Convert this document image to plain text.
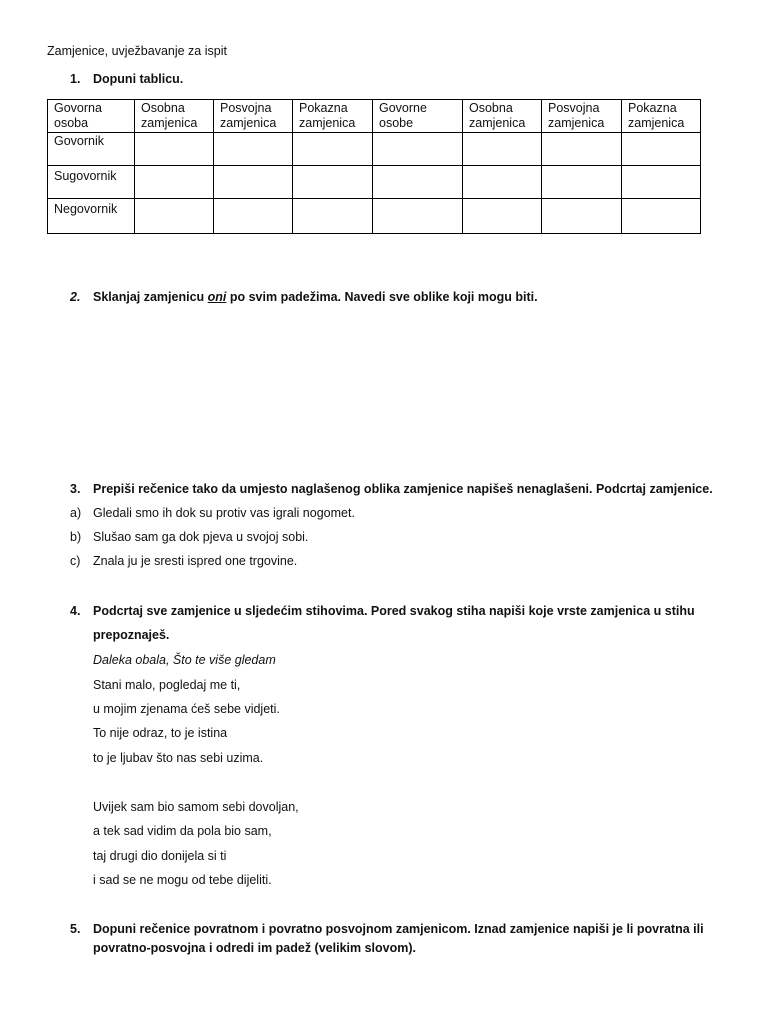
Zamjenice, uvježbavanje za ispit
1.	Dopuni tablicu.
Govorna osoba	Osobna zamjenica	Posvojna zamjenica	Pokazna zamjenica	Govorne osobe	Osobna zamjenica	Posvojna zamjenica	Pokazna zamjenica
Govornik							
Sugovornik							
Negovornik							
2.	Sklanjaj zamjenicu oni po svim padežima. Navedi sve oblike koji mogu biti.
3.	Prepiši rečenice tako da umjesto naglašenog oblika zamjenice napišeš nenaglašeni. Podcrtaj zamjenice.
a) Gledali smo ih dok su protiv vas igrali nogomet.
b) Slušao sam ga dok pjeva u svojoj sobi.
c) Znala ju je sresti ispred one trgovine.
4.	Podcrtaj sve zamjenice u sljedećim stihovima. Pored svakog stiha napiši koje vrste zamjenica u stihu
prepoznaješ.
Daleka obala, Što te više gledam
Stani malo, pogledaj me ti,
u mojim zjenama ćeš sebe vidjeti.
To nije odraz, to je istina
to je ljubav što nas sebi uzima.
Uvijek sam bio samom sebi dovoljan,
a tek sad vidim da pola bio sam,
taj drugi dio donijela si ti
i sad se ne mogu od tebe dijeliti.
5.	Dopuni rečenice povratnom i povratno posvojnom zamjenicom. Iznad zamjenice napiši je li povratna ili
povratno-posvojna i odredi im padež (velikim slovom).
